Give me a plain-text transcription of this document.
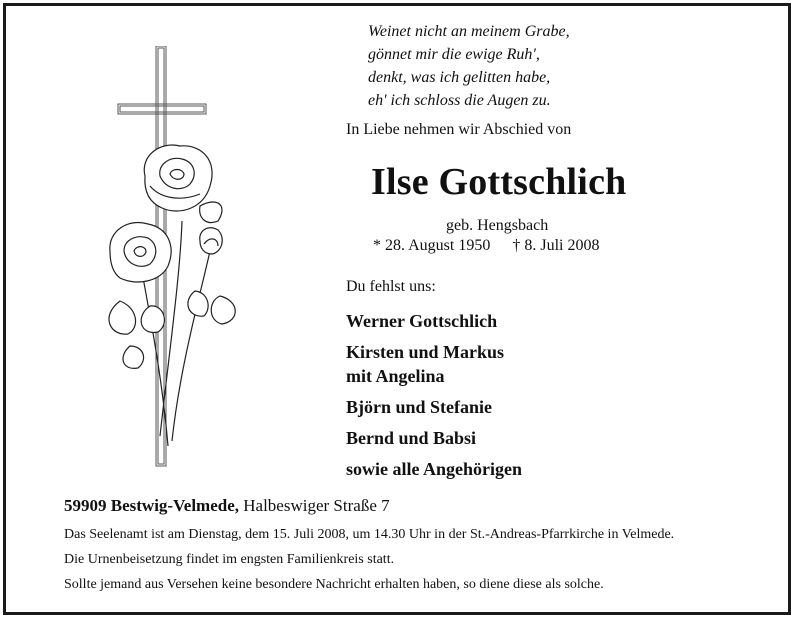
Weinet nicht an meinem Grabe,
gönnet mir die ewige Ruh',
denkt, was ich gelitten habe,
eh' ich schloss die Augen zu.
In Liebe nehmen wir Abschied von
Ilse Gottschlich
geb. Hengsbach
* 28. August 1950 † 8. Juli 2008
Du fehlst uns:
Werner Gottschlich
Kirsten und Markus
mit Angelina
Björn und Stefanie
Bernd und Babsi
sowie alle Angehörigen
59909 Bestwig-Velmede, Halbeswiger Straße 7

Das Seelenamt ist am Dienstag, dem 15. Juli 2008, um 14.30 Uhr in der St.-Andreas-Pfarrkirche in Velmede.

Die Urnenbeisetzung findet im engsten Familienkreis statt.

Sollte jemand aus Versehen keine besondere Nachricht erhalten haben, so diene diese als solche.
